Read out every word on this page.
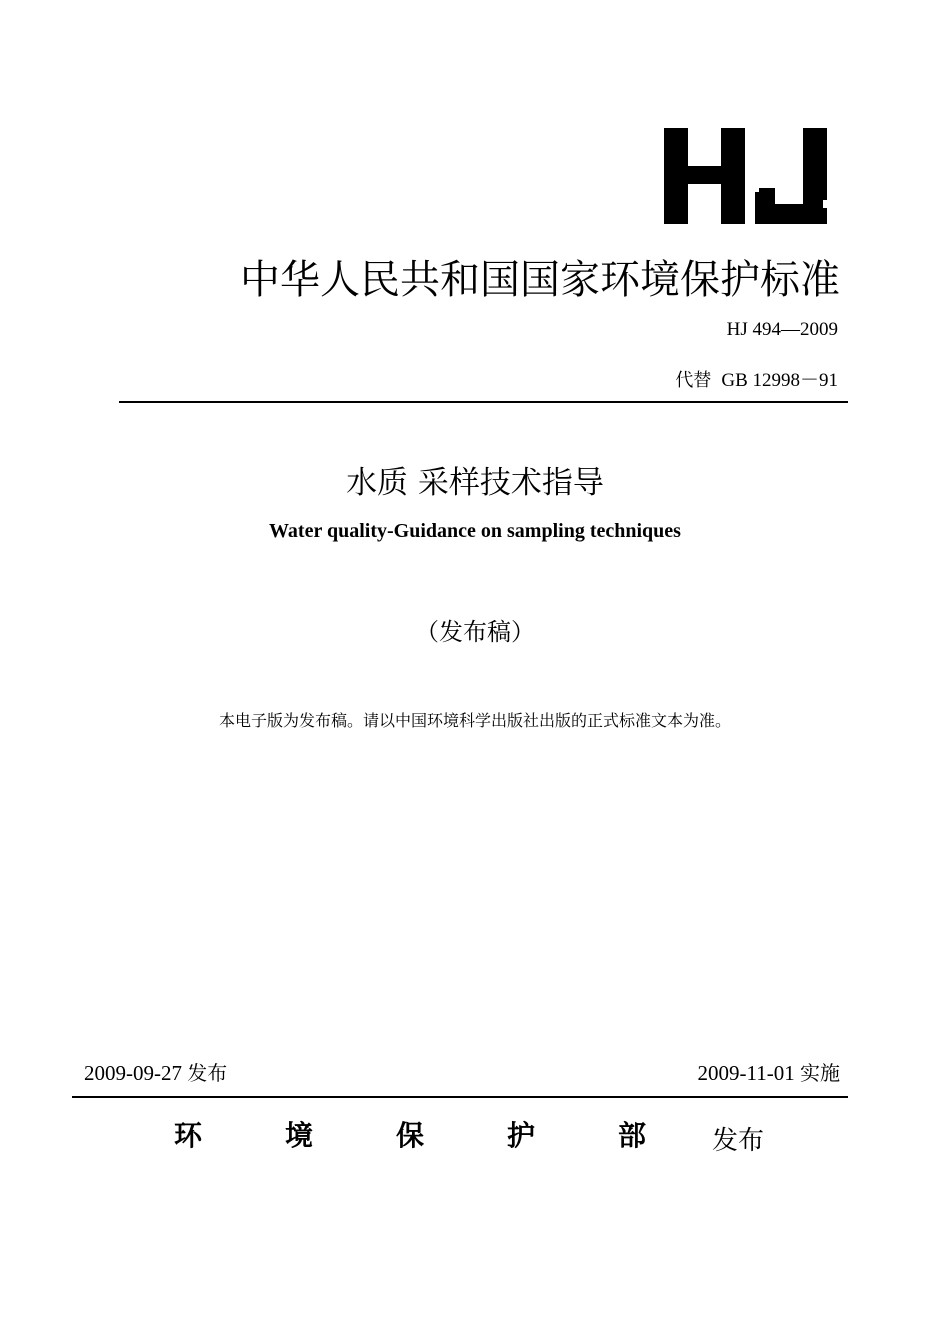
HJ
中华人民共和国国家环境保护标准
HJ 494—2009
代替 GB 12998－91
水质 采样技术指导
Water quality-Guidance on sampling techniques
（发布稿）
本电子版为发布稿。请以中国环境科学出版社出版的正式标准文本为准。
2009-09-27 发布	2009-11-01 实施
环	境	保	护	部	发布
